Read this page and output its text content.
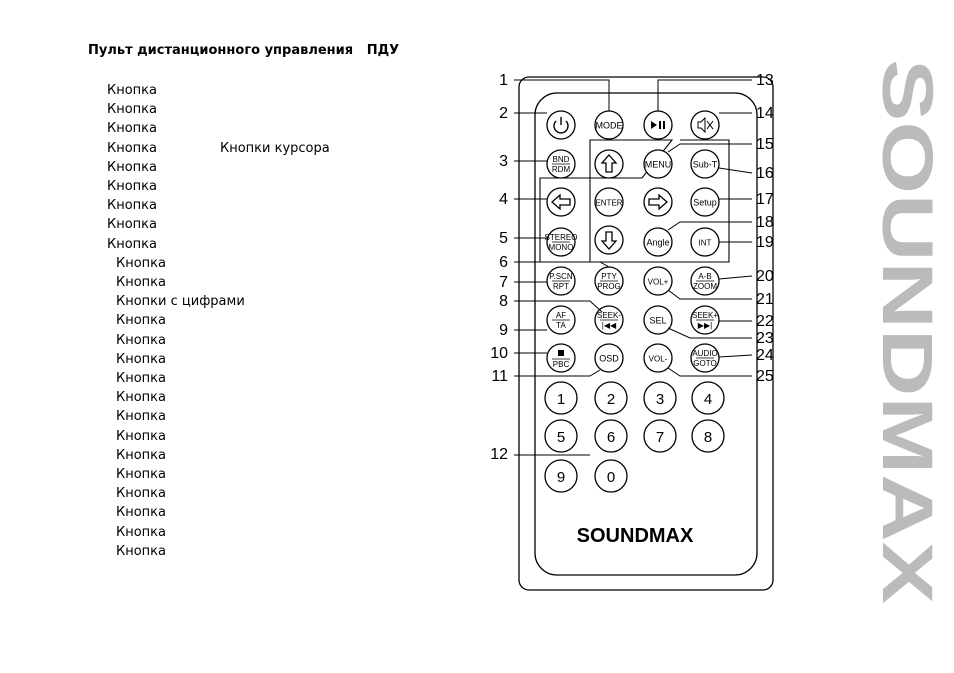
Пульт дистанционного управления ПДУ
Кнопка
Кнопка
Кнопка
Кнопка
Кнопка
Кнопка
Кнопка
Кнопка
Кнопка
Кнопка
Кнопка
Кнопки с цифрами
Кнопка
Кнопка
Кнопка
Кнопка
Кнопка
Кнопка
Кнопка
Кнопка
Кнопка
Кнопка
Кнопка
Кнопка
Кнопка
Кнопки курсора
MODE
BND
RDM	MENU Sub-T
ENTER	Setup
STEREO
MONO	Angle	INT
P.SCN
RPT
PTY
PROG	VOL+
A-B
ZOOM
AF
TA
SEEK-
|◀◀	SEL	SEEK+
▶▶|
PBC
OSD	VOL-
AUDIO
GOTO
1	2	3	4
5	6	7	8
9	0
1
2
3
4
5
6
7
8
9
10
11
12
13
14
15
16
17
18
19
20
21
22
23
24
25
SOUNDMAX
SOUNDMAX
